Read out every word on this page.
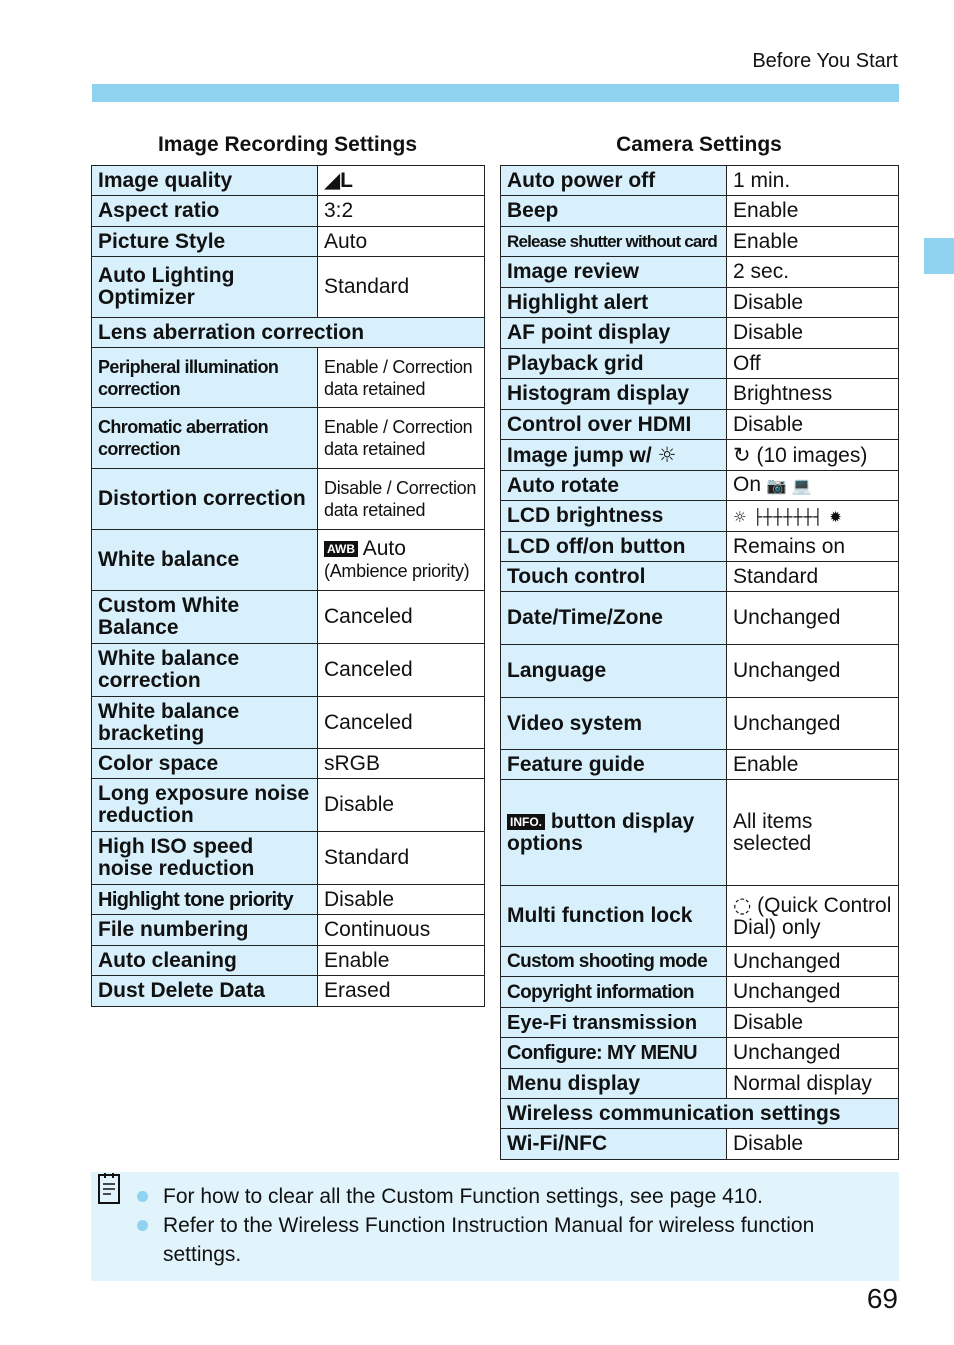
Before You Start
Image Recording Settings
Image quality	◢L
Aspect ratio	3:2
Picture Style	Auto
Auto Lighting Optimizer	Standard
Lens aberration correction	
Peripheral illumination correction	Enable / Correction data retained
Chromatic aberration correction	Enable / Correction data retained
Distortion correction	Disable / Correction data retained
White balance	AWB Auto
(Ambience priority)
Custom White Balance	Canceled
White balance correction	Canceled
White balance bracketing	Canceled
Color space	sRGB
Long exposure noise reduction	Disable
High ISO speed noise reduction	Standard
Highlight tone priority	Disable
File numbering	Continuous
Auto cleaning	Enable
Dust Delete Data	Erased
Camera Settings
Auto power off	1 min.
Beep	Enable
Release shutter without card	Enable
Image review	2 sec.
Highlight alert	Disable
AF point display	Disable
Playback grid	Off
Histogram display	Brightness
Control over HDMI	Disable
Image jump w/ ☼	↻ (10 images)
Auto rotate	On 📷 💻
LCD brightness	☼ ├┼┼┼┼┼┤ ✹
LCD off/on button	Remains on
Touch control	Standard
Date/Time/Zone	Unchanged
Language	Unchanged
Video system	Unchanged
Feature guide	Enable
INFO. button display options	All items selected
Multi function lock	◌ (Quick Control Dial) only
Custom shooting mode	Unchanged
Copyright information	Unchanged
Eye-Fi transmission	Disable
Configure: MY MENU	Unchanged
Menu display	Normal display
Wireless communication settings	
Wi-Fi/NFC	Disable
For how to clear all the Custom Function settings, see page 410.
Refer to the Wireless Function Instruction Manual for wireless function settings.
69
